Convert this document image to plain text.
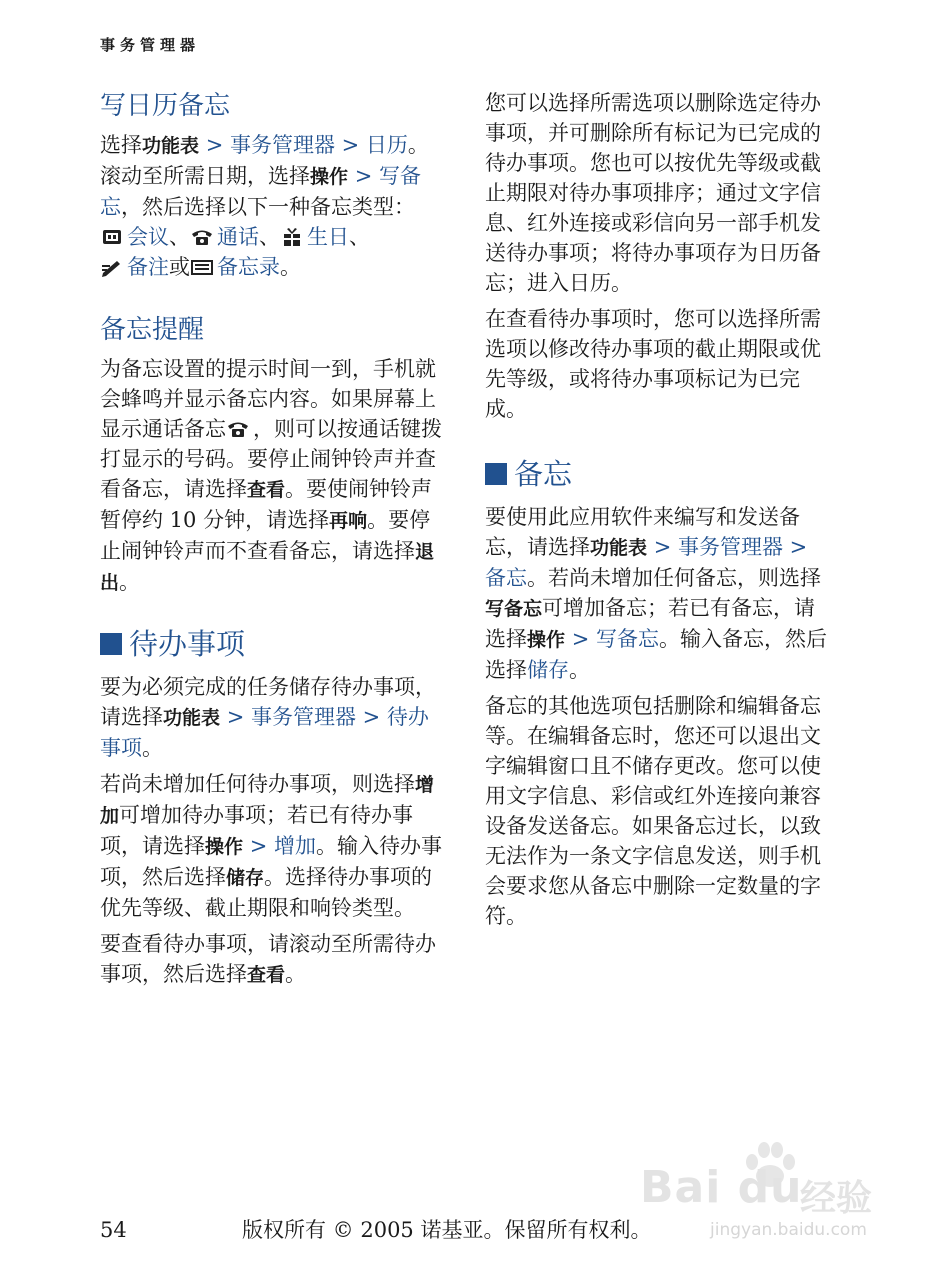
事务管理器
写日历备忘

选择功能表 > 事务管理器 > 日历。滚动至所需日期，选择操作 > 写备忘，然后选择以下一种备忘类型：
会议、 通话、 生日、
备注或 备忘录。

备忘提醒

为备忘设置的提示时间一到，手机就会蜂鸣并显示备忘内容。如果屏幕上显示通话备忘 ，则可以按通话键拨打显示的号码。要停止闹钟铃声并查看备忘，请选择查看。要使闹钟铃声暂停约 10 分钟，请选择再响。要停止闹钟铃声而不查看备忘，请选择退出。

待办事项

要为必须完成的任务储存待办事项，请选择功能表 > 事务管理器 > 待办事项。

若尚未增加任何待办事项，则选择增加可增加待办事项；若已有待办事项，请选择操作 > 增加。输入待办事项，然后选择储存。选择待办事项的优先等级、截止期限和响铃类型。

要查看待办事项，请滚动至所需待办事项，然后选择查看。

您可以选择所需选项以删除选定待办事项，并可删除所有标记为已完成的待办事项。您也可以按优先等级或截止期限对待办事项排序；通过文字信息、红外连接或彩信向另一部手机发送待办事项；将待办事项存为日历备忘；进入日历。

在查看待办事项时，您可以选择所需选项以修改待办事项的截止期限或优先等级，或将待办事项标记为已完成。

备忘

要使用此应用软件来编写和发送备忘，请选择功能表 > 事务管理器 > 备忘。若尚未增加任何备忘，则选择写备忘可增加备忘；若已有备忘，请选择操作 > 写备忘。输入备忘，然后选择储存。

备忘的其他选项包括删除和编辑备忘等。在编辑备忘时，您还可以退出文字编辑窗口且不储存更改。您可以使用文字信息、彩信或红外连接向兼容设备发送备忘。如果备忘过长，以致无法作为一条文字信息发送，则手机会要求您从备忘中删除一定数量的字符。

Bai du
经验
jingyan.baidu.com
54	版权所有 © 2005 诺基亚。保留所有权利。
